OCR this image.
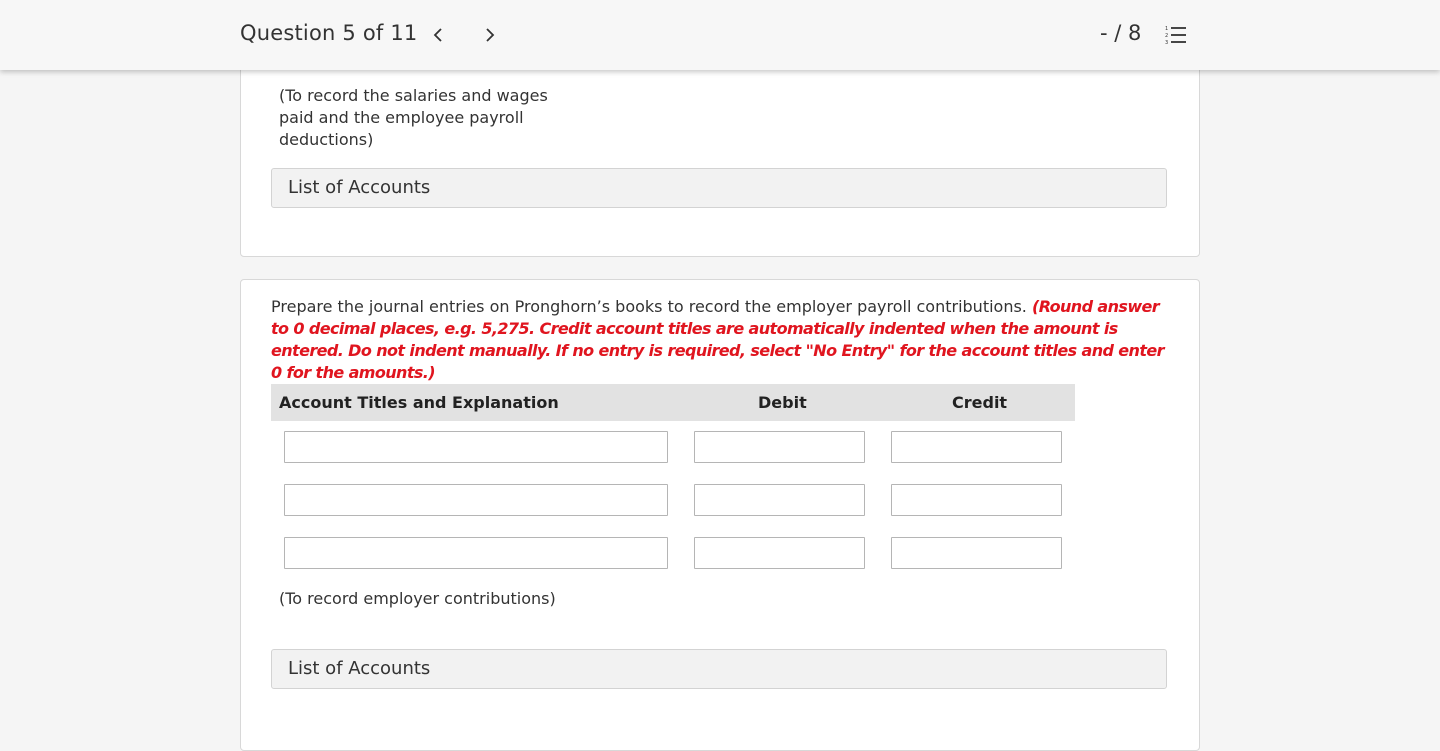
Question 5 of 11	- / 8	1
2
3
(To record the salaries and wages paid and the employee payroll deductions)
List of Accounts
Prepare the journal entries on Pronghorn’s books to record the employer payroll contributions. (Round answer to 0 decimal places, e.g. 5,275. Credit account titles are automatically indented when the amount is entered. Do not indent manually. If no entry is required, select "No Entry" for the account titles and enter 0 for the amounts.)
Account Titles and Explanation	Debit	Credit
(To record employer contributions)
List of Accounts
